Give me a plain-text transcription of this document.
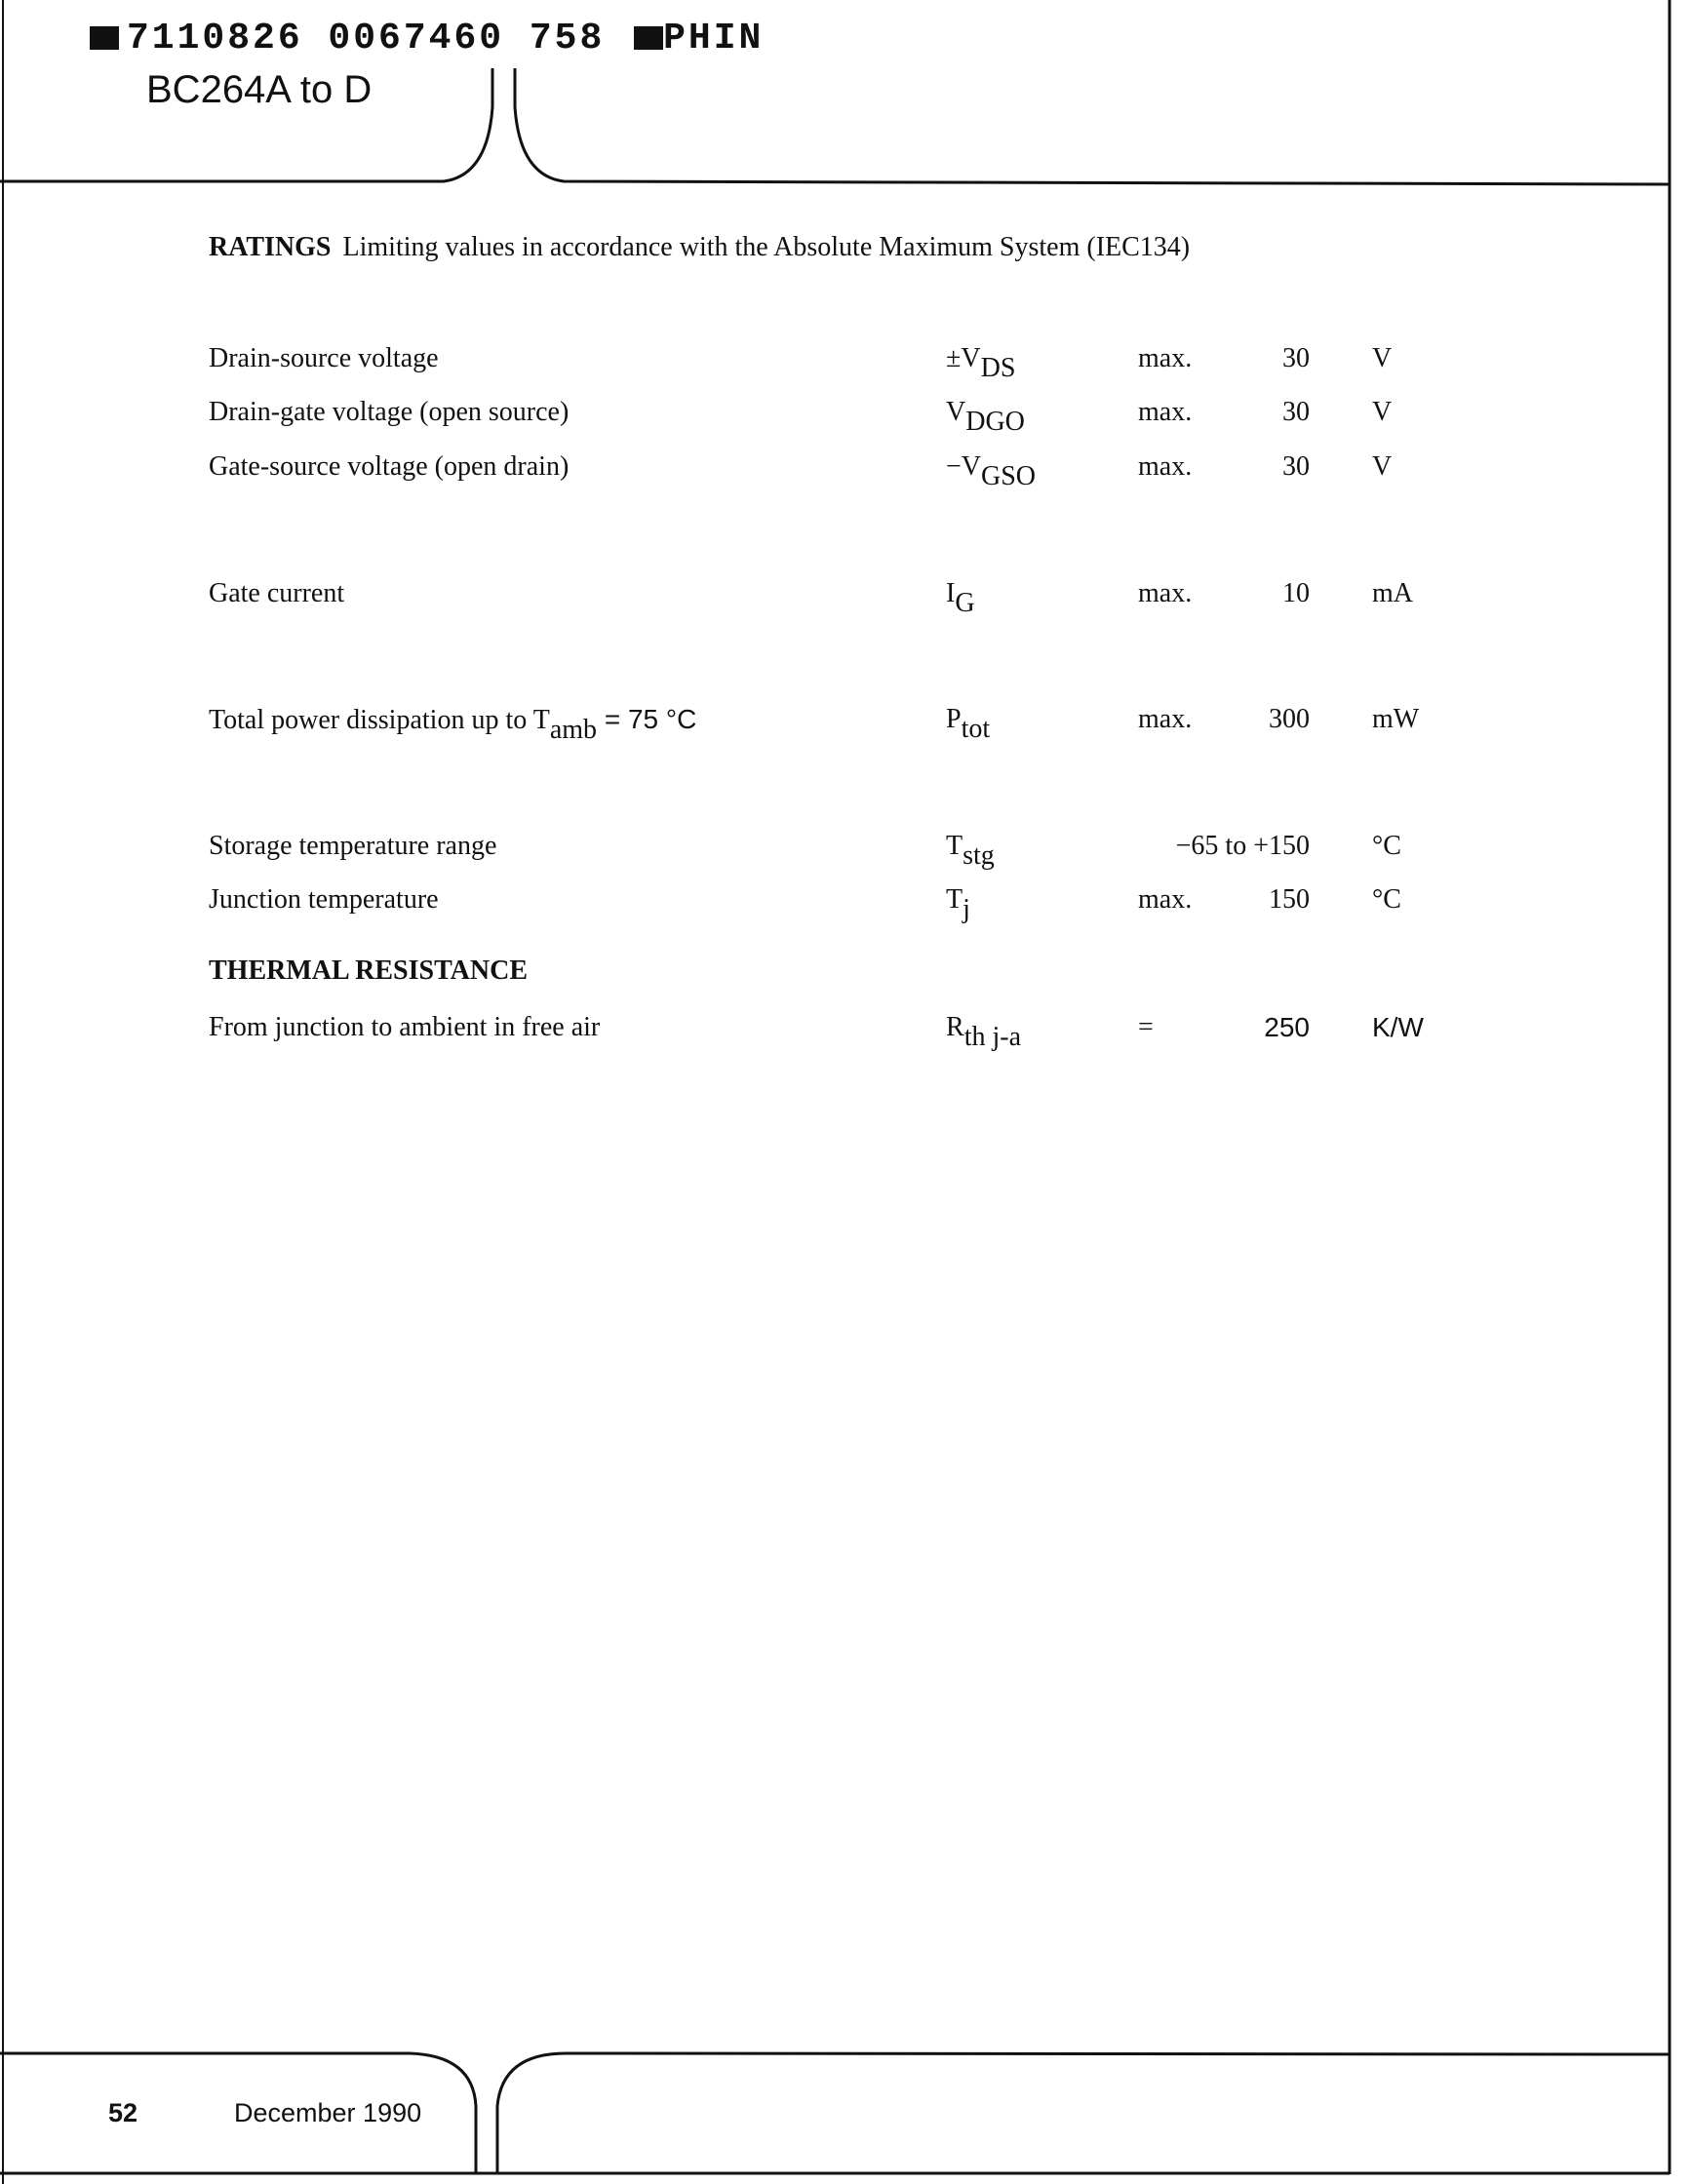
7110826 0067460 758 PHIN
BC264A to D
RATINGS Limiting values in accordance with the Absolute Maximum System (IEC134)
Drain-source voltage	$\pm V_{DS}$	max.	30 V
Drain-gate voltage (open source)	$V_{DGO}$	max.	30 V
Gate-source voltage (open drain)	$-V_{GSO}$	max.	30 V
Gate current	$I_G$	max.	10 mA
Total power dissipation up to $T_{amb} = 75$ °C	$P_{tot}$	max.	300 mW
Storage temperature range	$T_{stg}$	−65 to +150 °C
Junction temperature	$T_j$	max.	150 °C
From junction to ambient in free air	$R_{th j-a}$	=	250 K/W
THERMAL RESISTANCE
52	December 1990
